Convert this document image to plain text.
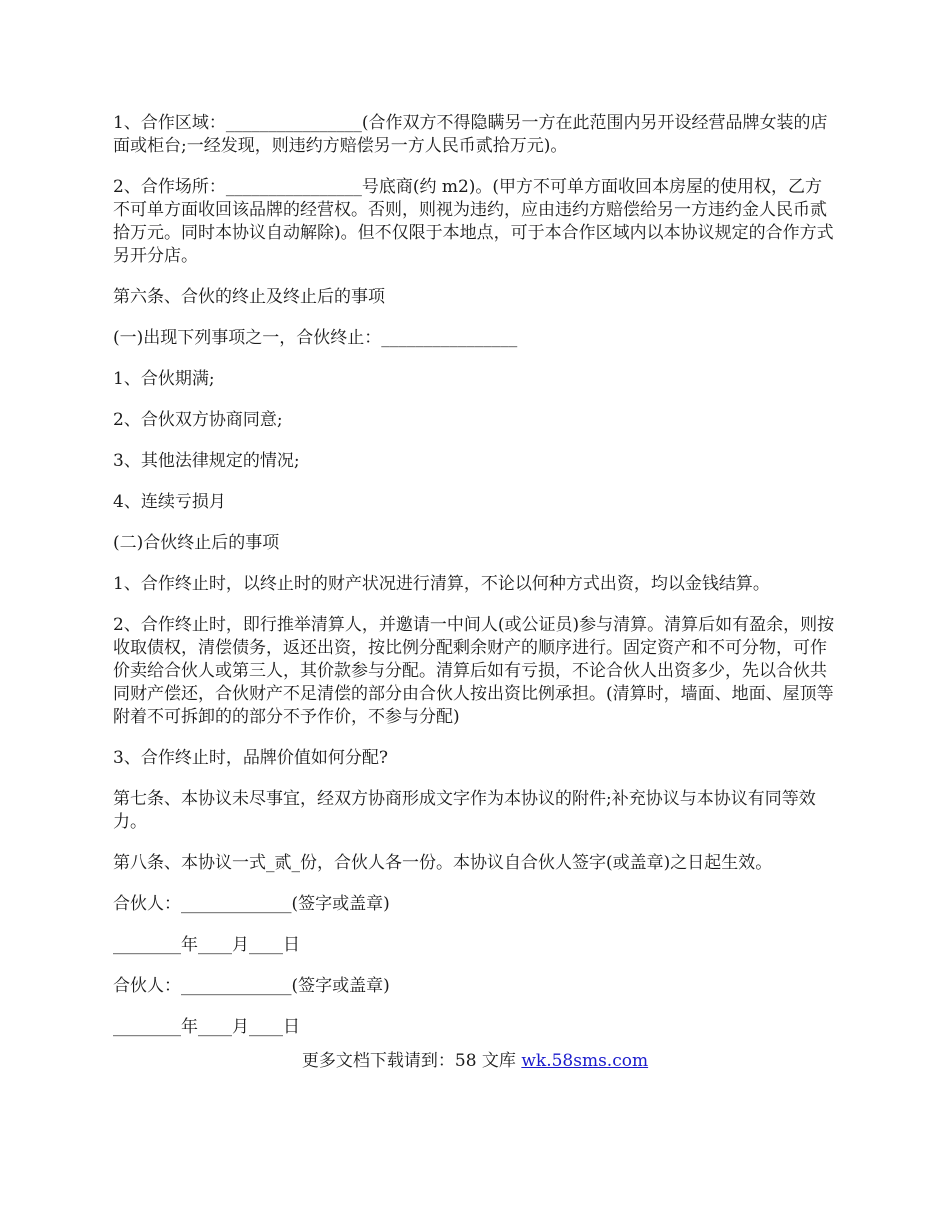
1、合作区域：________________(合作双方不得隐瞒另一方在此范围内另开设经营品牌女装的店面或柜台;一经发现，则违约方赔偿另一方人民币贰拾万元)。

2、合作场所：________________号底商(约 m2)。(甲方不可单方面收回本房屋的使用权，乙方不可单方面收回该品牌的经营权。否则，则视为违约，应由违约方赔偿给另一方违约金人民币贰拾万元。同时本协议自动解除)。但不仅限于本地点，可于本合作区域内以本协议规定的合作方式另开分店。

第六条、合伙的终止及终止后的事项

(一)出现下列事项之一，合伙终止：________________

1、合伙期满;

2、合伙双方协商同意;

3、其他法律规定的情况;

4、连续亏损月

(二)合伙终止后的事项

1、合作终止时，以终止时的财产状况进行清算，不论以何种方式出资，均以金钱结算。

2、合作终止时，即行推举清算人，并邀请一中间人(或公证员)参与清算。清算后如有盈余，则按收取债权，清偿债务，返还出资，按比例分配剩余财产的顺序进行。固定资产和不可分物，可作价卖给合伙人或第三人，其价款参与分配。清算后如有亏损，不论合伙人出资多少，先以合伙共同财产偿还，合伙财产不足清偿的部分由合伙人按出资比例承担。(清算时，墙面、地面、屋顶等附着不可拆卸的的部分不予作价，不参与分配)

3、合作终止时，品牌价值如何分配?

第七条、本协议未尽事宜，经双方协商形成文字作为本协议的附件;补充协议与本协议有同等效力。

第八条、本协议一式_贰_份，合伙人各一份。本协议自合伙人签字(或盖章)之日起生效。

合伙人：_____________(签字或盖章)

________年____月____日

合伙人：_____________(签字或盖章)

________年____月____日

更多文档下载请到：58 文库 wk.58sms.com
